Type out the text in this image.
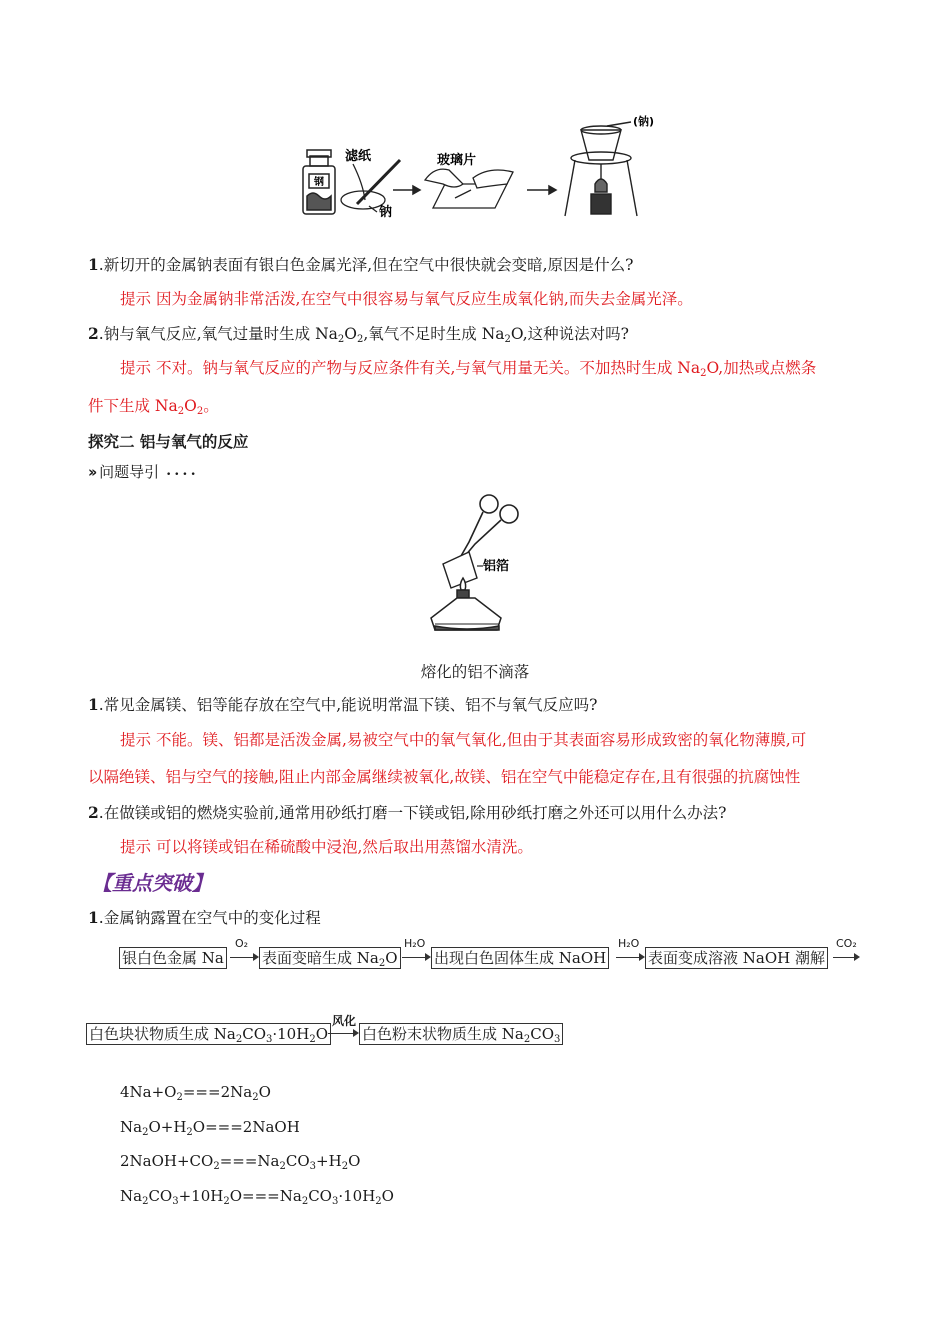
钢
滤纸
钠
玻璃片
(钠)
1.新切开的金属钠表面有银白色金属光泽,但在空气中很快就会变暗,原因是什么?
提示 因为金属钠非常活泼,在空气中很容易与氧气反应生成氧化钠,而失去金属光泽。
2.钠与氧气反应,氧气过量时生成 $Na_2O_2$,氧气不足时生成 $Na_2O$,这种说法对吗?
提示 不对。钠与氧气反应的产物与反应条件有关,与氧气用量无关。不加热时生成 $Na_2O$,加热或点燃条
件下生成 $Na_2O_2$。
探究二 铝与氧气的反应
›› 问题导引 • • • •
铝箔
熔化的铝不滴落
1.常见金属镁、铝等能存放在空气中,能说明常温下镁、铝不与氧气反应吗?
提示 不能。镁、铝都是活泼金属,易被空气中的氧气氧化,但由于其表面容易形成致密的氧化物薄膜,可
以隔绝镁、铝与空气的接触,阻止内部金属继续被氧化,故镁、铝在空气中能稳定存在,且有很强的抗腐蚀性
2.在做镁或铝的燃烧实验前,通常用砂纸打磨一下镁或铝,除用砂纸打磨之外还可以用什么办法?
提示 可以将镁或铝在稀硫酸中浸泡,然后取出用蒸馏水清洗。
【重点突破】
1.金属钠露置在空气中的变化过程
银白色金属 Na
O₂
表面变暗生成 $Na_2O$
H₂O
出现白色固体生成 NaOH
H₂O
表面变成溶液 NaOH 潮解
CO₂
白色块状物质生成 $Na_2CO_3\cdot 10H_2O$
风化
白色粉末状物质生成 $Na_2CO_3$
$4Na+O_2===2Na_2O$
$Na_2O+H_2O===2NaOH$
$2NaOH+CO_2===Na_2CO_3+H_2O$
$Na_2CO_3+10H_2O===Na_2CO_3\cdot 10H_2O$
